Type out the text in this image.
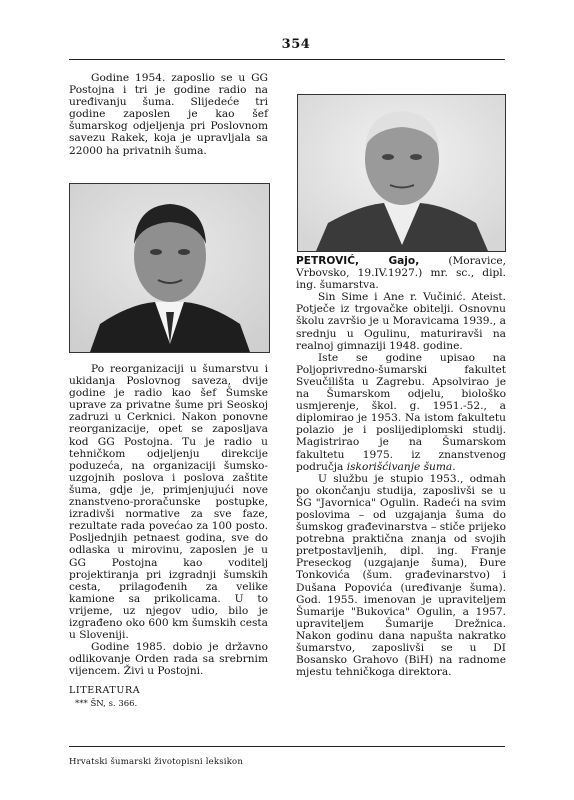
354

Godine 1954. zaposlio se u GG Postojna i tri je godine radio na uređivanju šuma. Slijedeće tri godine zaposlen je kao šef šumarskog odjeljenja pri Poslovnom savezu Rakek, koja je upravljala sa 22000 ha privatnih šuma.

Po reorganizaciji u šumarstvu i ukidanja Poslovnog saveza, dvije godine je radio kao šef Šumske uprave za privatne šume pri Seoskoj zadruzi u Cerknici. Nakon ponovne reorganizacije, opet se zaposljava kod GG Postojna. Tu je radio u tehničkom odjeljenju direkcije poduzeća, na organizaciji šumsko-uzgojnih poslova i poslova zaštite šuma, gdje je, primjenjujući nove znanstveno-proračunske postupke, izradivši normative za sve faze, rezultate rada povećao za 100 posto. Posljednjih petnaest godina, sve do odlaska u mirovinu, zaposlen je u GG Postojna kao voditelj projektiranja pri izgradnji šumskih cesta, prilagođenih za velike kamione sa prikolicama. U to vrijeme, uz njegov udio, bilo je izgrađeno oko 600 km šumskih cesta u Sloveniji.

Godine 1985. dobio je državno odlikovanje Orden rada sa srebrnim vijencem. Živi u Postojni.

LITERATURA

*** ŠN, s. 366.

PETROVIĆ, Gajo, (Moravice, Vrbovsko, 19.IV.1927.) mr. sc., dipl. ing. šumarstva.

Sin Sime i Ane r. Vučinić. Ateist. Potječe iz trgovačke obitelji. Osnovnu školu završio je u Moravicama 1939., a srednju u Ogulinu, maturiravši na realnoj gimnaziji 1948. godine.

Iste se godine upisao na Poljoprivredno-šumarski fakultet Sveučilišta u Zagrebu. Apsolvirao je na Šumarskom odjelu, biološko usmjerenje, škol. g. 1951.-52., a diplomirao je 1953. Na istom fakultetu polazio je i poslijediplomski studij. Magistrirao je na Šumarskom fakultetu 1975. iz znanstvenog područja iskorišćivanje šuma.

U službu je stupio 1953., odmah po okončanju studija, zaposlivši se u ŠG "Javornica" Ogulin. Radeći na svim poslovima – od uzgajanja šuma do šumskog građevinarstva – stiče prijeko potrebna praktična znanja od svojih pretpostavljenih, dipl. ing. Franje Preseckog (uzgajanje šuma), Đure Tonkovića (šum. građevinarstvo) i Dušana Popovića (uređivanje šuma). God. 1955. imenovan je upraviteljem Šumarije "Bukovica" Ogulin, a 1957. upraviteljem Šumarije Drežnica. Nakon godinu dana napušta nakratko šumarstvo, zaposlivši se u DI Bosansko Grahovo (BiH) na radnome mjestu tehničkoga direktora.

Hrvatski šumarski životopisni leksikon
